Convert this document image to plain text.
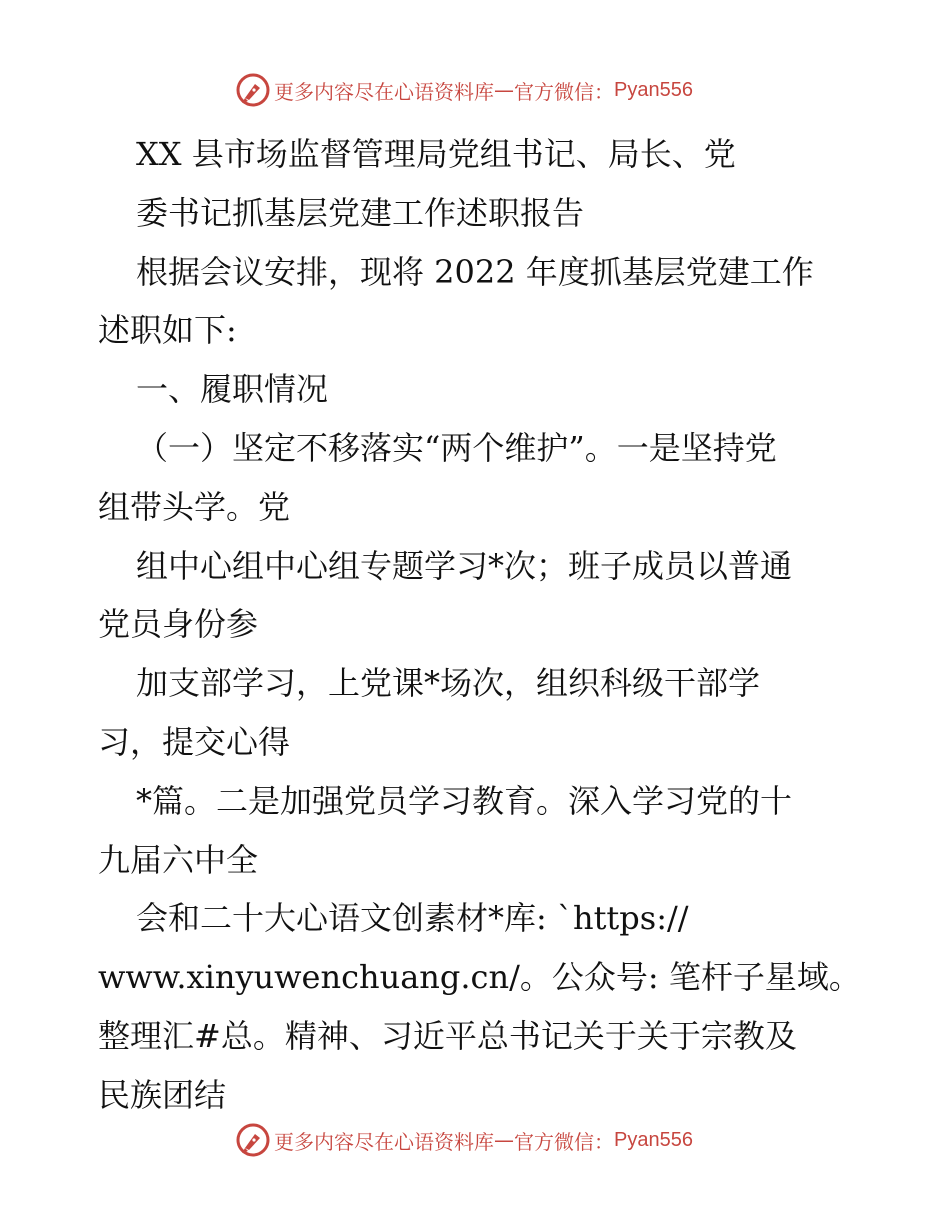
更多内容尽在心语资料库 — 官方微信： Pyan556
XX 县市场监督管理局党组书记、局长、党
委书记抓基层党建工作述职报告
根据会议安排，现将 2022 年度抓基层党建工作
述职如下:
一、履职情况
（一）坚定不移落实“两个维护”。一是坚持党
组带头学。党
组中心组中心组专题学习*次；班子成员以普通
党员身份参
加支部学习，上党课*场次，组织科级干部学
习，提交心得
*篇。二是加强党员学习教育。深入学习党的十
九届六中全
会和二十大心语文创素材*库: `https://
www.xinyuwenchuang.cn/。公众号: 笔杆子星域。
整理汇#总。精神、习近平总书记关于关于宗教及
民族团结
更多内容尽在心语资料库 — 官方微信： Pyan556
